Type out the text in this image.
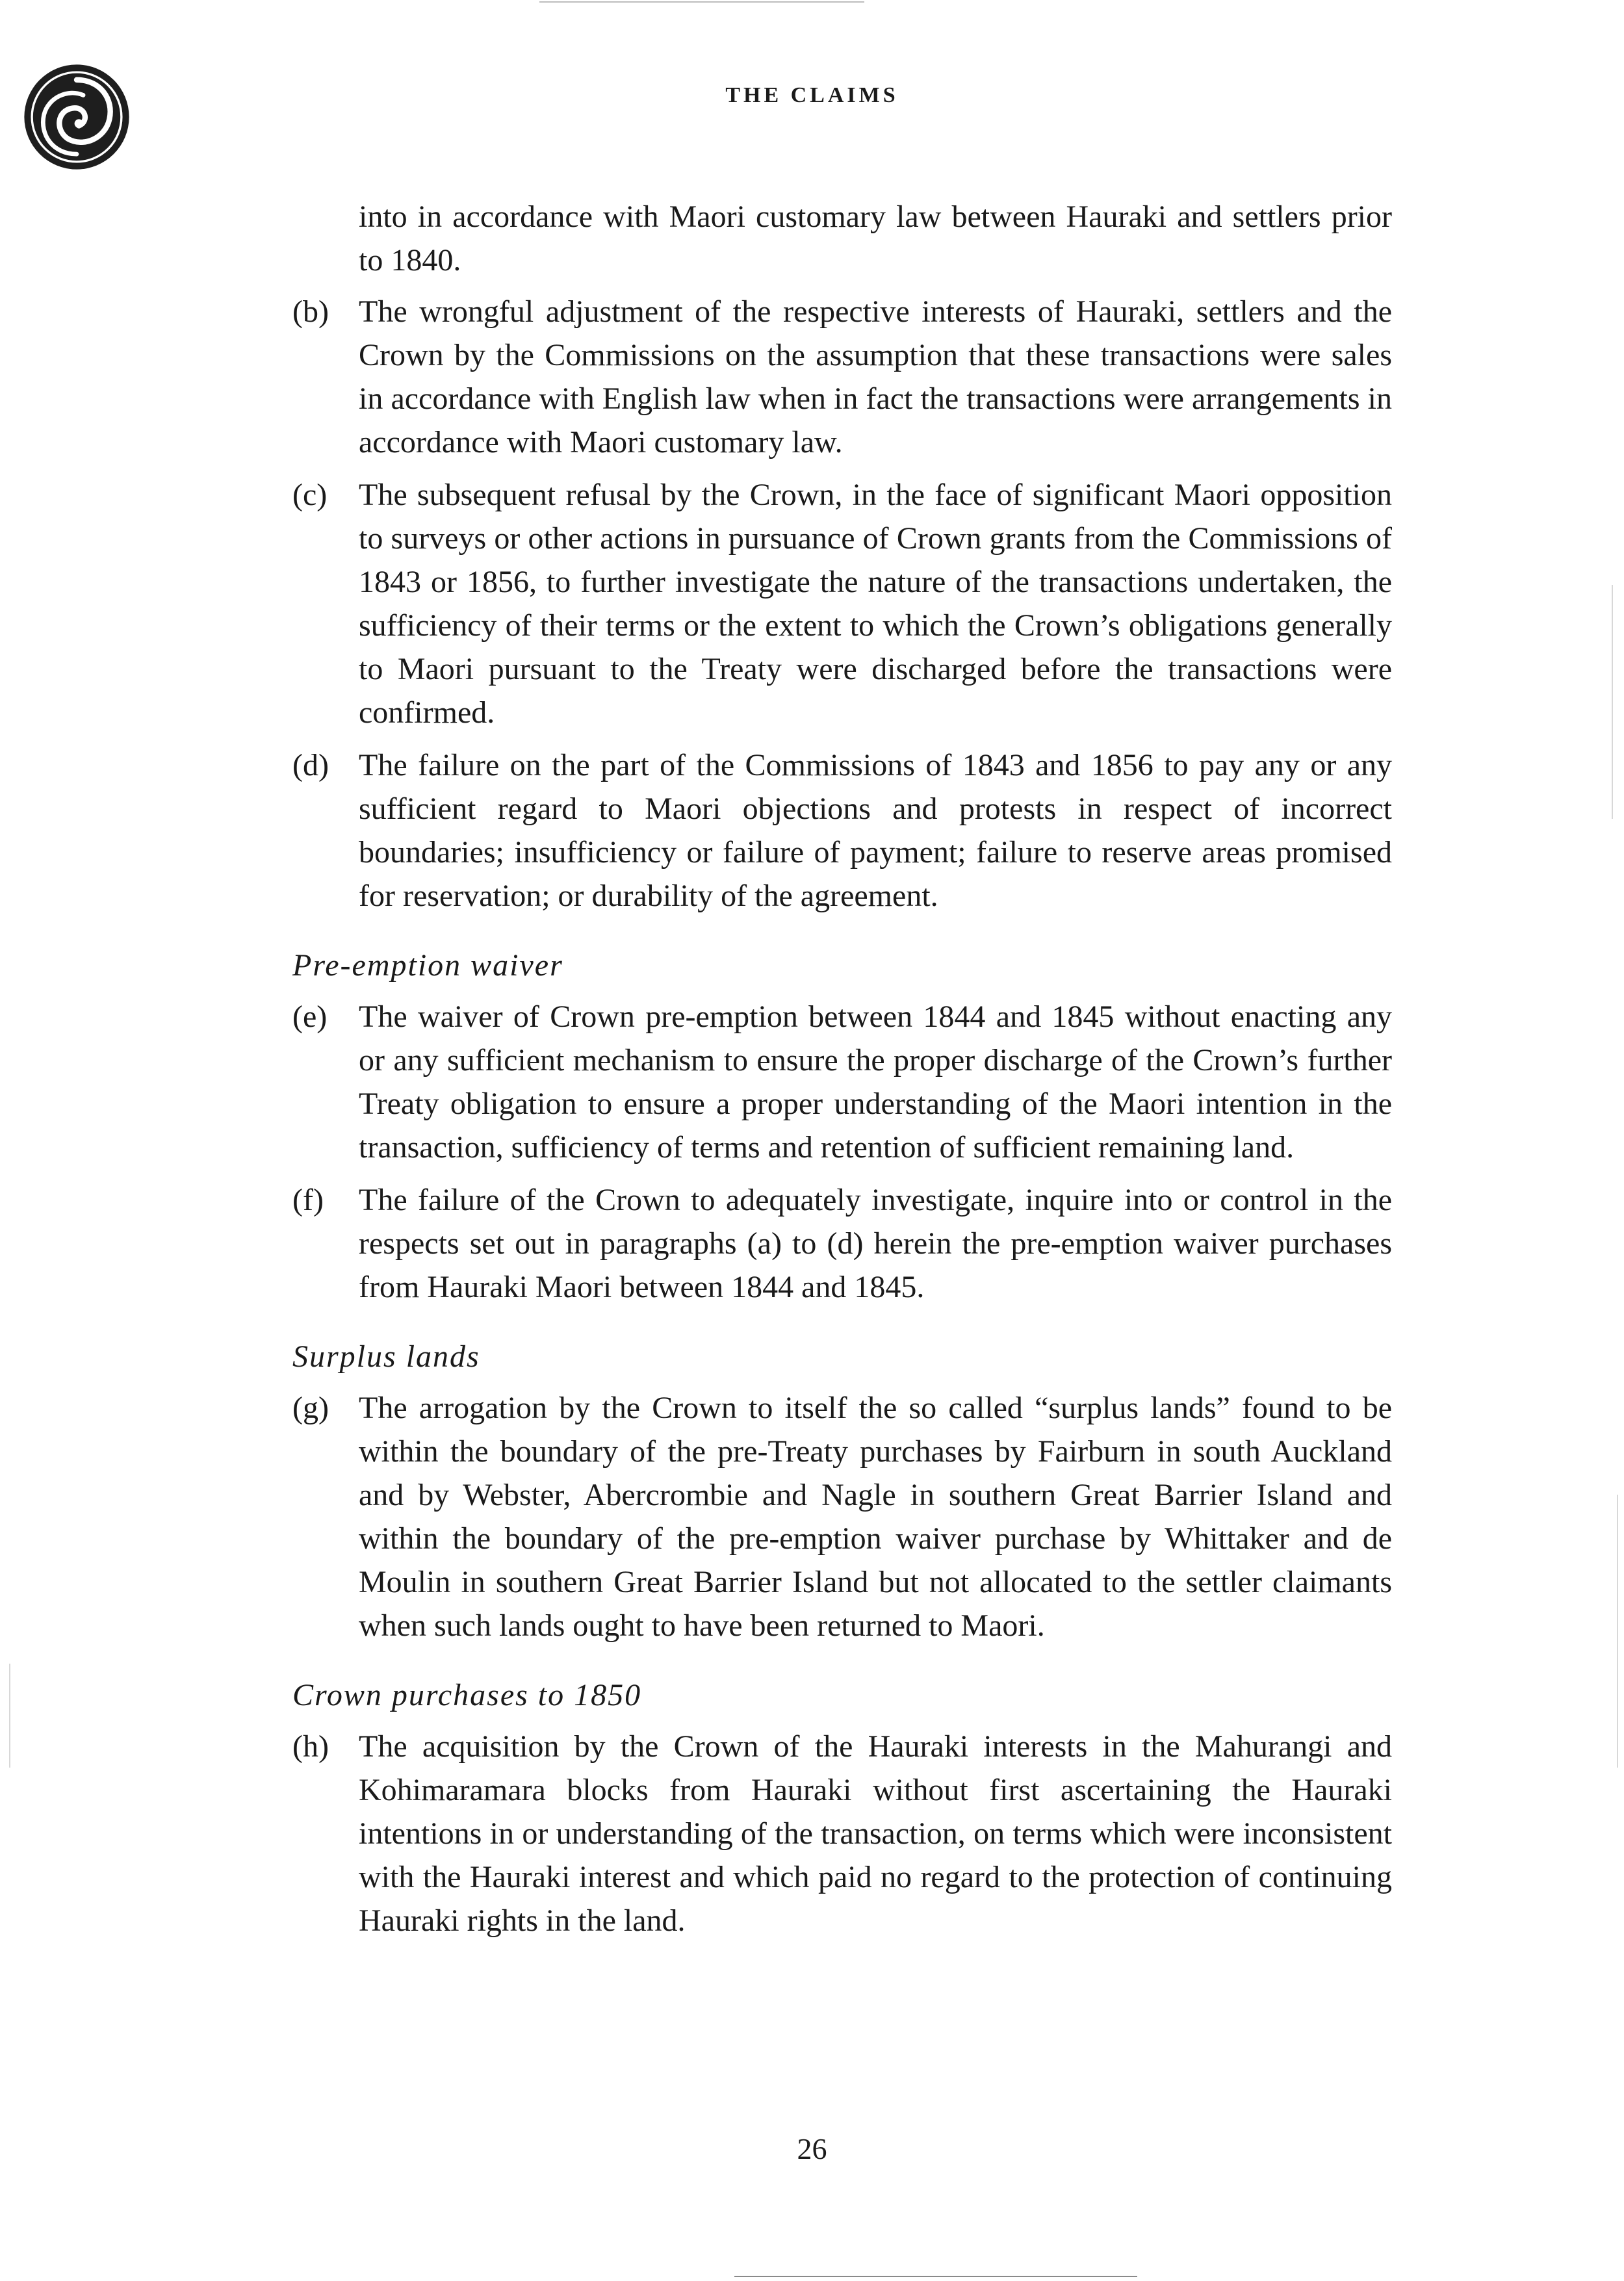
THE CLAIMS

into in accordance with Maori customary law between Hauraki and settlers prior to 1840.

(b) The wrongful adjustment of the respective interests of Hauraki, settlers and the Crown by the Commissions on the assumption that these transactions were sales in accordance with English law when in fact the transactions were arrangements in accordance with Maori customary law.

(c) The subsequent refusal by the Crown, in the face of significant Maori opposition to surveys or other actions in pursuance of Crown grants from the Commissions of 1843 or 1856, to further investigate the nature of the transactions undertaken, the sufficiency of their terms or the extent to which the Crown’s obligations generally to Maori pursuant to the Treaty were discharged before the transactions were confirmed.

(d) The failure on the part of the Commissions of 1843 and 1856 to pay any or any sufficient regard to Maori objections and protests in respect of incorrect boundaries; insufficiency or failure of payment; failure to reserve areas promised for reservation; or durability of the agreement.

Pre-emption waiver

(e) The waiver of Crown pre-emption between 1844 and 1845 without enacting any or any sufficient mechanism to ensure the proper discharge of the Crown’s further Treaty obligation to ensure a proper understanding of the Maori intention in the transaction, sufficiency of terms and retention of sufficient remaining land.

(f) The failure of the Crown to adequately investigate, inquire into or control in the respects set out in paragraphs (a) to (d) herein the pre-emption waiver purchases from Hauraki Maori between 1844 and 1845.

Surplus lands

(g) The arrogation by the Crown to itself the so called “surplus lands” found to be within the boundary of the pre-Treaty purchases by Fairburn in south Auckland and by Webster, Abercrombie and Nagle in southern Great Barrier Island and within the boundary of the pre-emption waiver purchase by Whittaker and de Moulin in southern Great Barrier Island but not allocated to the settler claimants when such lands ought to have been returned to Maori.

Crown purchases to 1850

(h) The acquisition by the Crown of the Hauraki interests in the Mahurangi and Kohimaramara blocks from Hauraki without first ascertaining the Hauraki intentions in or understanding of the transaction, on terms which were inconsistent with the Hauraki interest and which paid no regard to the protection of continuing Hauraki rights in the land.

26
